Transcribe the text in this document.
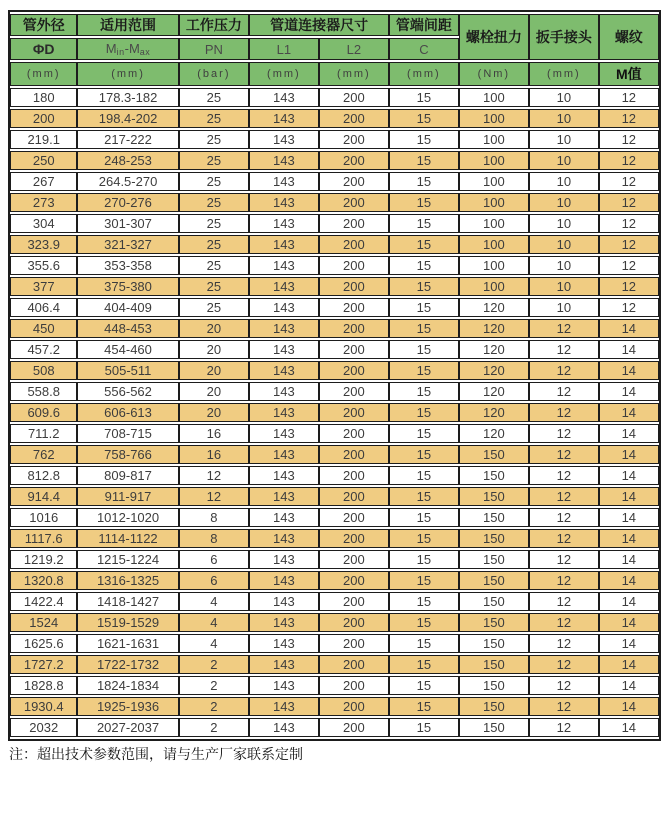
管外径	适用范围	工作压力	管道连接器尺寸		管端间距	螺栓扭力	扳手接头	螺纹
ΦD	Min-Max	PN	L1	L2	C			
(mm)	(mm)	(bar)	(mm)	(mm)	(mm)	(Nm)	(mm)	M值
180	178.3-182	25	143	200	15	100	10	12
200	198.4-202	25	143	200	15	100	10	12
219.1	217-222	25	143	200	15	100	10	12
250	248-253	25	143	200	15	100	10	12
267	264.5-270	25	143	200	15	100	10	12
273	270-276	25	143	200	15	100	10	12
304	301-307	25	143	200	15	100	10	12
323.9	321-327	25	143	200	15	100	10	12
355.6	353-358	25	143	200	15	100	10	12
377	375-380	25	143	200	15	100	10	12
406.4	404-409	25	143	200	15	120	10	12
450	448-453	20	143	200	15	120	12	14
457.2	454-460	20	143	200	15	120	12	14
508	505-511	20	143	200	15	120	12	14
558.8	556-562	20	143	200	15	120	12	14
609.6	606-613	20	143	200	15	120	12	14
711.2	708-715	16	143	200	15	120	12	14
762	758-766	16	143	200	15	150	12	14
812.8	809-817	12	143	200	15	150	12	14
914.4	911-917	12	143	200	15	150	12	14
1016	1012-1020	8	143	200	15	150	12	14
1117.6	1114-1122	8	143	200	15	150	12	14
1219.2	1215-1224	6	143	200	15	150	12	14
1320.8	1316-1325	6	143	200	15	150	12	14
1422.4	1418-1427	4	143	200	15	150	12	14
1524	1519-1529	4	143	200	15	150	12	14
1625.6	1621-1631	4	143	200	15	150	12	14
1727.2	1722-1732	2	143	200	15	150	12	14
1828.8	1824-1834	2	143	200	15	150	12	14
1930.4	1925-1936	2	143	200	15	150	12	14
2032	2027-2037	2	143	200	15	150	12	14
注：超出技术参数范围，请与生产厂家联系定制
